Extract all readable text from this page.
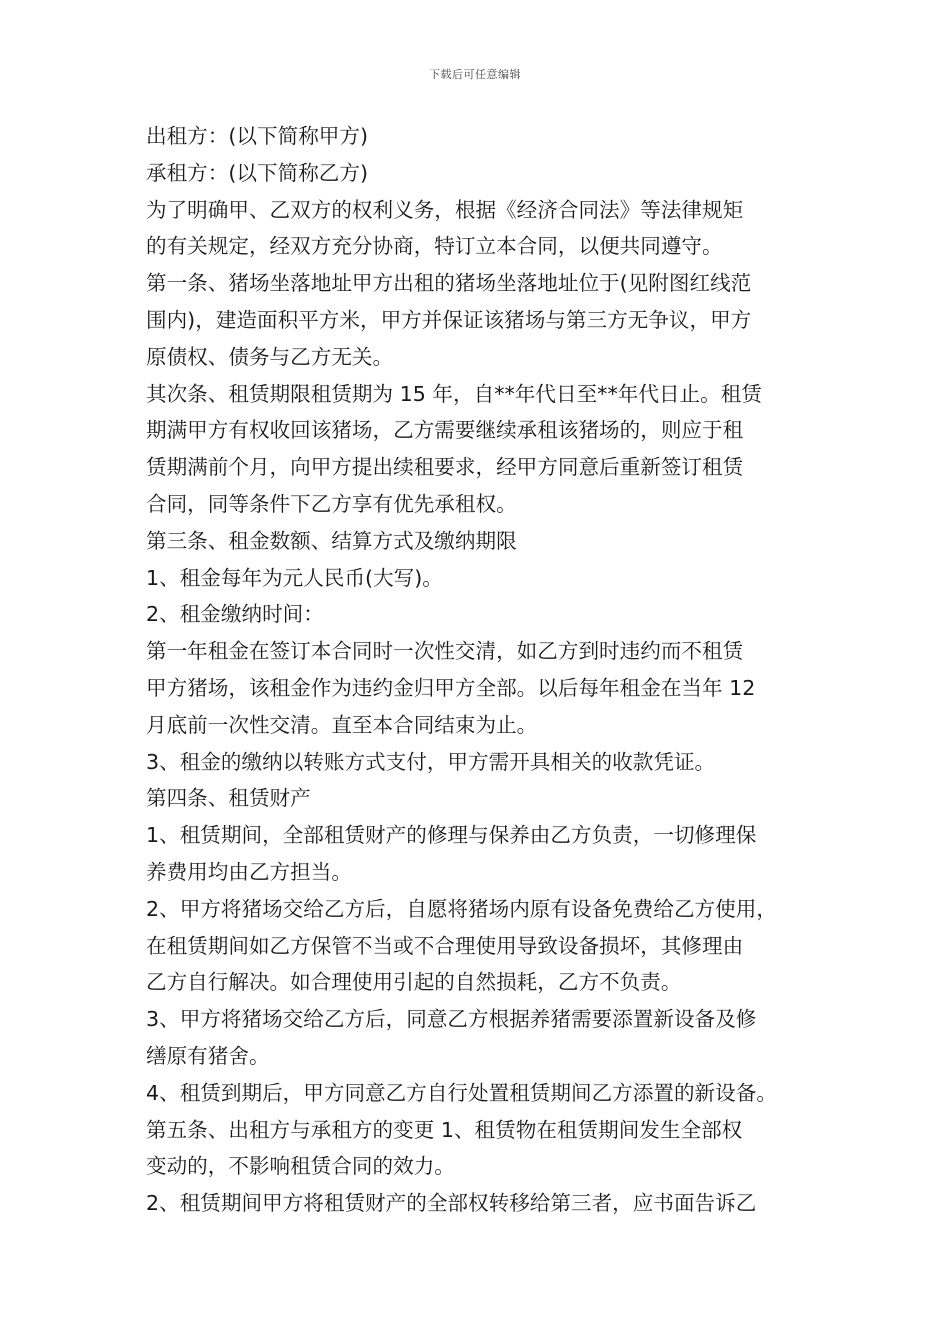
下载后可任意编辑

出租方：(以下简称甲方)

承租方：(以下简称乙方)

为了明确甲、乙双方的权利义务，根据《经济合同法》等法律规矩
的有关规定，经双方充分协商，特订立本合同，以便共同遵守。

第一条、猪场坐落地址甲方出租的猪场坐落地址位于(见附图红线范
围内)，建造面积平方米，甲方并保证该猪场与第三方无争议，甲方
原债权、债务与乙方无关。

其次条、租赁期限租赁期为 15 年，自**年代日至**年代日止。租赁
期满甲方有权收回该猪场，乙方需要继续承租该猪场的，则应于租
赁期满前个月，向甲方提出续租要求，经甲方同意后重新签订租赁
合同，同等条件下乙方享有优先承租权。

第三条、租金数额、结算方式及缴纳期限

1、租金每年为元人民币(大写)。

2、租金缴纳时间：

第一年租金在签订本合同时一次性交清，如乙方到时违约而不租赁
甲方猪场，该租金作为违约金归甲方全部。以后每年租金在当年 12
月底前一次性交清。直至本合同结束为止。

3、租金的缴纳以转账方式支付，甲方需开具相关的收款凭证。

第四条、租赁财产

1、租赁期间，全部租赁财产的修理与保养由乙方负责，一切修理保
养费用均由乙方担当。

2、甲方将猪场交给乙方后，自愿将猪场内原有设备免费给乙方使用，
在租赁期间如乙方保管不当或不合理使用导致设备损坏，其修理由
乙方自行解决。如合理使用引起的自然损耗，乙方不负责。

3、甲方将猪场交给乙方后，同意乙方根据养猪需要添置新设备及修
缮原有猪舍。

4、租赁到期后，甲方同意乙方自行处置租赁期间乙方添置的新设备。

第五条、出租方与承租方的变更 1、租赁物在租赁期间发生全部权
变动的，不影响租赁合同的效力。

2、租赁期间甲方将租赁财产的全部权转移给第三者，应书面告诉乙
